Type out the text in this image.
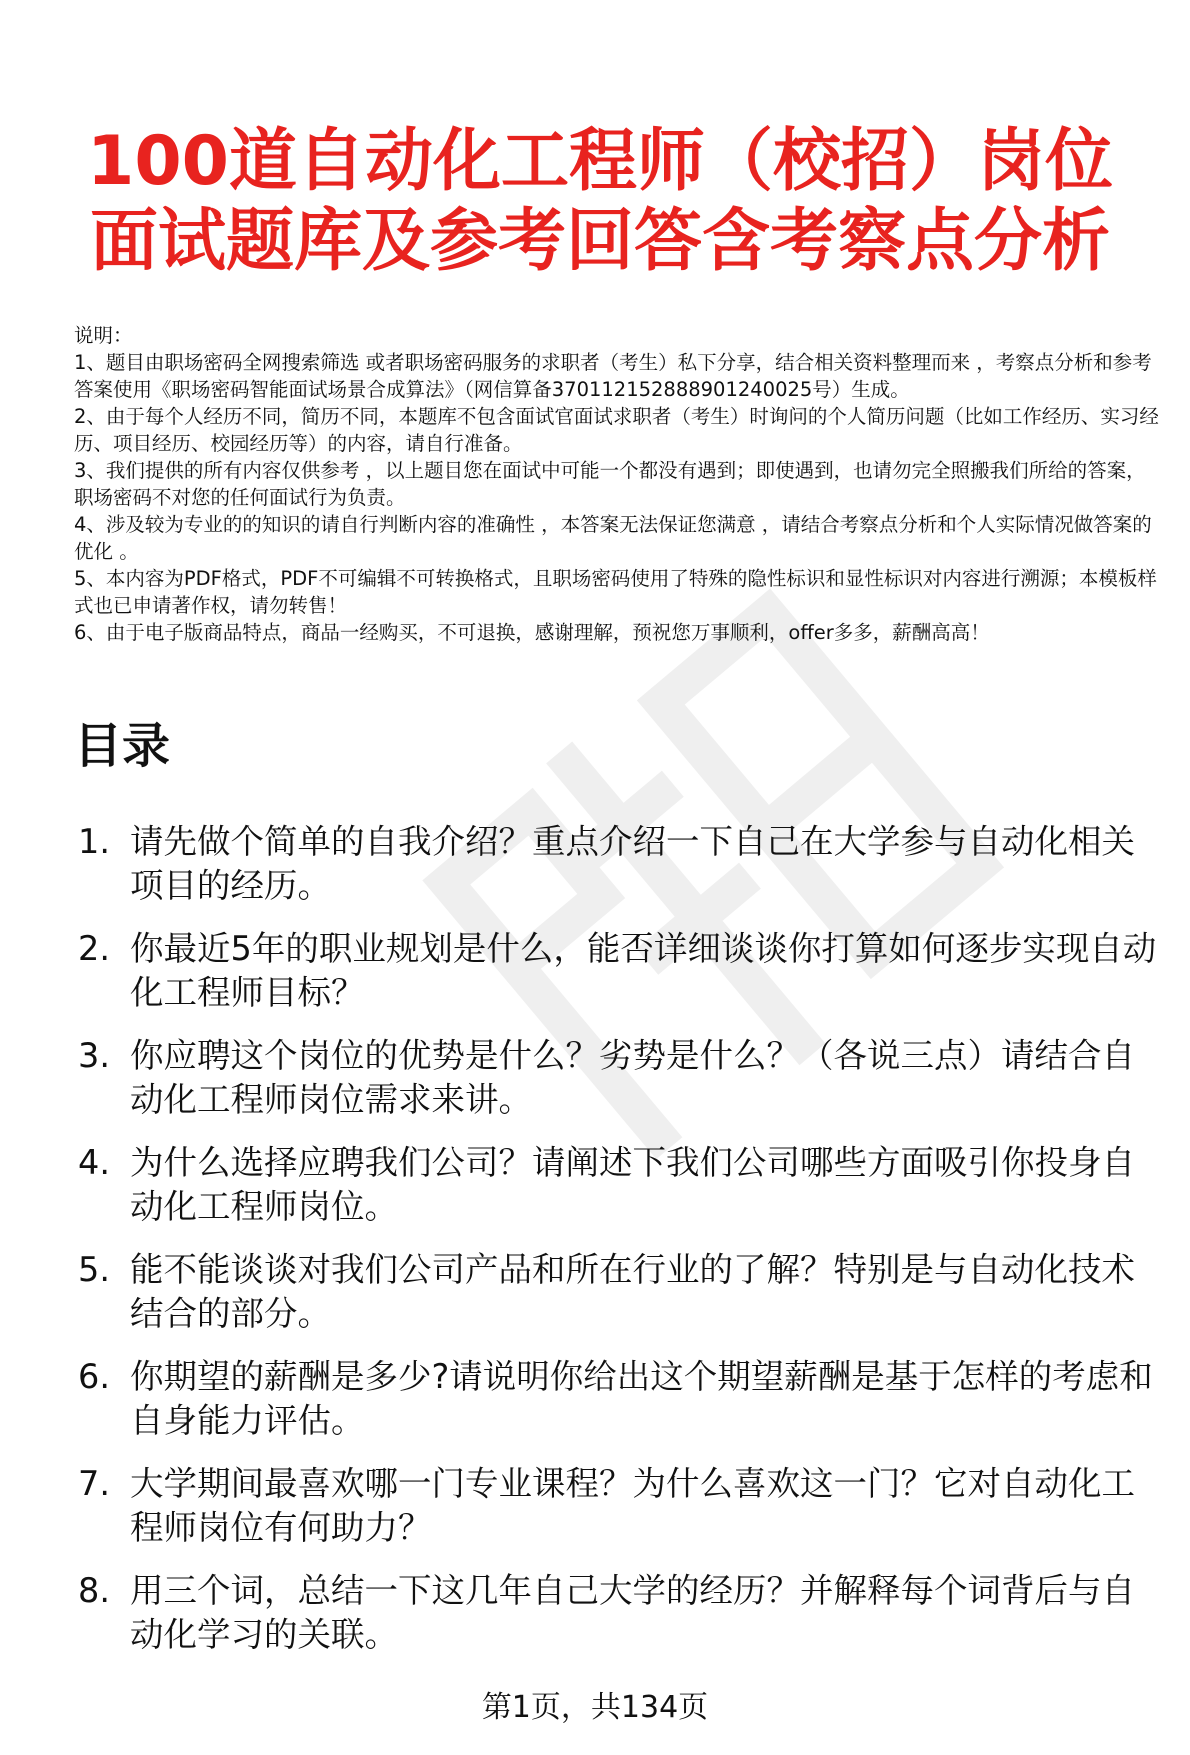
100道自动化工程师（校招）岗位面试题库及参考回答含考察点分析

说明：

1、题目由职场密码全网搜索筛选 或者职场密码服务的求职者（考生）私下分享，结合相关资料整理而来 ，考察点分析和参考答案使用《职场密码智能面试场景合成算法》（网信算备370112152888901240025号）生成。

2、由于每个人经历不同，简历不同，本题库不包含面试官面试求职者（考生）时询问的个人简历问题（比如工作经历、实习经历、项目经历、校园经历等）的内容，请自行准备。

3、我们提供的所有内容仅供参考 ，以上题目您在面试中可能一个都没有遇到；即使遇到，也请勿完全照搬我们所给的答案，职场密码不对您的任何面试行为负责。

4、涉及较为专业的的知识的请自行判断内容的准确性 ，本答案无法保证您满意 ，请结合考察点分析和个人实际情况做答案的优化 。

5、本内容为PDF格式，PDF不可编辑不可转换格式，且职场密码使用了特殊的隐性标识和显性标识对内容进行溯源；本模板样式也已申请著作权，请勿转售！

6、由于电子版商品特点，商品一经购买，不可退换，感谢理解，预祝您万事顺利，offer多多，薪酬高高！

目录
1. 请先做个简单的自我介绍？重点介绍一下自己在大学参与自动化相关项目的经历。
2. 你最近5年的职业规划是什么，能否详细谈谈你打算如何逐步实现自动化工程师目标？
3. 你应聘这个岗位的优势是什么？劣势是什么？（各说三点）请结合自动化工程师岗位需求来讲。
4. 为什么选择应聘我们公司？请阐述下我们公司哪些方面吸引你投身自动化工程师岗位。
5. 能不能谈谈对我们公司产品和所在行业的了解？特别是与自动化技术结合的部分。
6. 你期望的薪酬是多少?请说明你给出这个期望薪酬是基于怎样的考虑和自身能力评估。
7. 大学期间最喜欢哪一门专业课程？为什么喜欢这一门？它对自动化工程师岗位有何助力？
8. 用三个词，总结一下这几年自己大学的经历？并解释每个词背后与自动化学习的关联。
第1页，共134页
